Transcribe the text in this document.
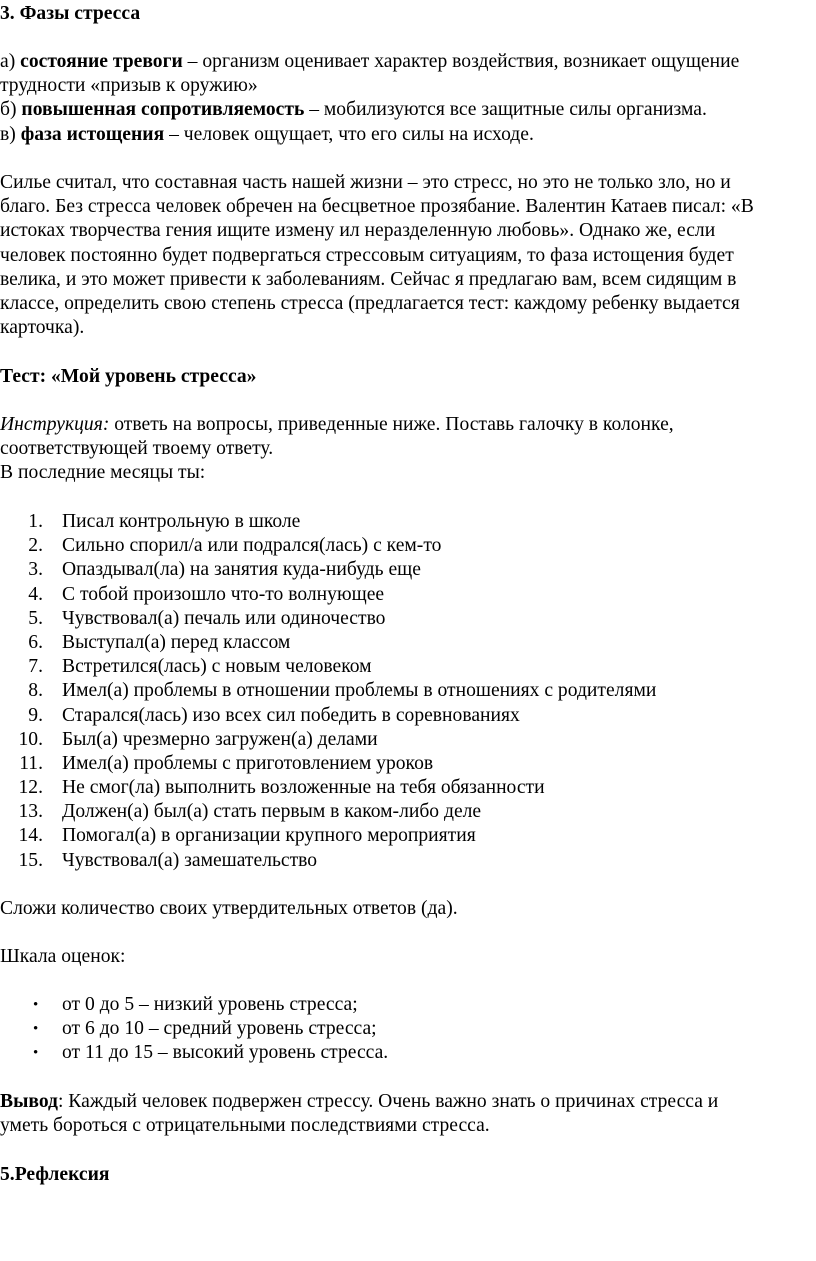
3. Фазы стресса

а) состояние тревоги – организм оценивает характер воздействия, возникает ощущение

трудности «призыв к оружию»

б) повышенная сопротивляемость – мобилизуются все защитные силы организма.

в) фаза истощения – человек ощущает, что его силы на исходе.

Силье считал, что составная часть нашей жизни – это стресс, но это не только зло, но и

благо. Без стресса человек обречен на бесцветное прозябание. Валентин Катаев писал: «В

истоках творчества гения ищите измену ил неразделенную любовь». Однако же, если

человек постоянно будет подвергаться стрессовым ситуациям, то фаза истощения будет

велика, и это может привести к заболеваниям. Сейчас я предлагаю вам, всем сидящим в

классе, определить свою степень стресса (предлагается тест: каждому ребенку выдается

карточка).

Тест: «Мой уровень стресса»

Инструкция: ответь на вопросы, приведенные ниже. Поставь галочку в колонке,

соответствующей твоему ответу.

В последние месяцы ты:

1. Писал контрольную в школе
2. Сильно спорил/а или подрался(лась) с кем-то
3. Опаздывал(ла) на занятия куда-нибудь еще
4. С тобой произошло что-то волнующее
5. Чувствовал(а) печаль или одиночество
6. Выступал(а) перед классом
7. Встретился(лась) с новым человеком
8. Имел(а) проблемы в отношении проблемы в отношениях с родителями
9. Старался(лась) изо всех сил победить в соревнованиях
10. Был(а) чрезмерно загружен(а) делами
11. Имел(а) проблемы с приготовлением уроков
12. Не смог(ла) выполнить возложенные на тебя обязанности
13. Должен(а) был(а) стать первым в каком-либо деле
14. Помогал(а) в организации крупного мероприятия
15. Чувствовал(а) замешательство

Сложи количество своих утвердительных ответов (да).

Шкала оценок:

• от 0 до 5 – низкий уровень стресса;
• от 6 до 10 – средний уровень стресса;
• от 11 до 15 – высокий уровень стресса.

Вывод: Каждый человек подвержен стрессу. Очень важно знать о причинах стресса и

уметь бороться с отрицательными последствиями стресса.

5.Рефлексия
